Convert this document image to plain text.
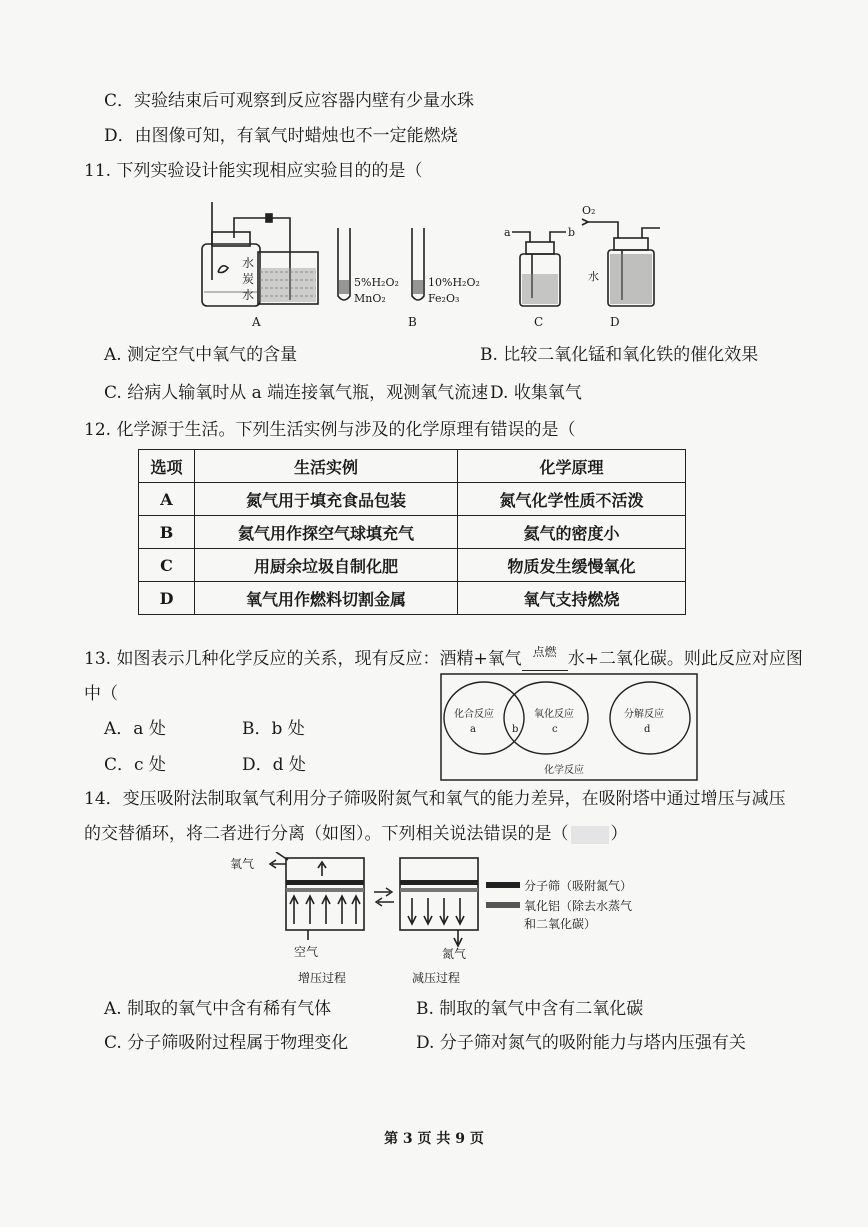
C．实验结束后可观察到反应容器内壁有少量水珠
D．由图像可知，有氧气时蜡烛也不一定能燃烧
11. 下列实验设计能实现相应实验目的的是（
水
炭
水
A
5%H₂O₂
MnO₂
10%H₂O₂
Fe₂O₃
B
a	b
C
O₂
水
D
A. 测定空气中氧气的含量	B. 比较二氧化锰和氧化铁的催化效果
C. 给病人输氧时从 a 端连接氧气瓶，观测氧气流速 D. 收集氧气
12. 化学源于生活。下列生活实例与涉及的化学原理有错误的是（
选项	生活实例	化学原理
A	氮气用于填充食品包装	氮气化学性质不活泼
B	氦气用作探空气球填充气	氦气的密度小
C	用厨余垃圾自制化肥	物质发生缓慢氧化
D	氧气用作燃料切割金属	氧气支持燃烧
13. 如图表示几种化学反应的关系，现有反应：酒精+氧气 点燃 水+二氧化碳。则此反应对应图
中（
A．a 处	B．b 处
C．c 处	D．d 处
化合反应
a	b
氧化反应
c
分解反应
d
化学反应
14．变压吸附法制取氧气利用分子筛吸附氮气和氧气的能力差异，在吸附塔中通过增压与减压
的交替循环，将二者进行分离（如图）。下列相关说法错误的是（ ）
分子筛（吸附氮气）
氧化铝（除去水蒸气
和二氧化碳）
氧气
空气	氮气
增压过程	减压过程
A. 制取的氧气中含有稀有气体	B. 制取的氧气中含有二氧化碳
C. 分子筛吸附过程属于物理变化	D. 分子筛对氮气的吸附能力与塔内压强有关
第 3 页 共 9 页
